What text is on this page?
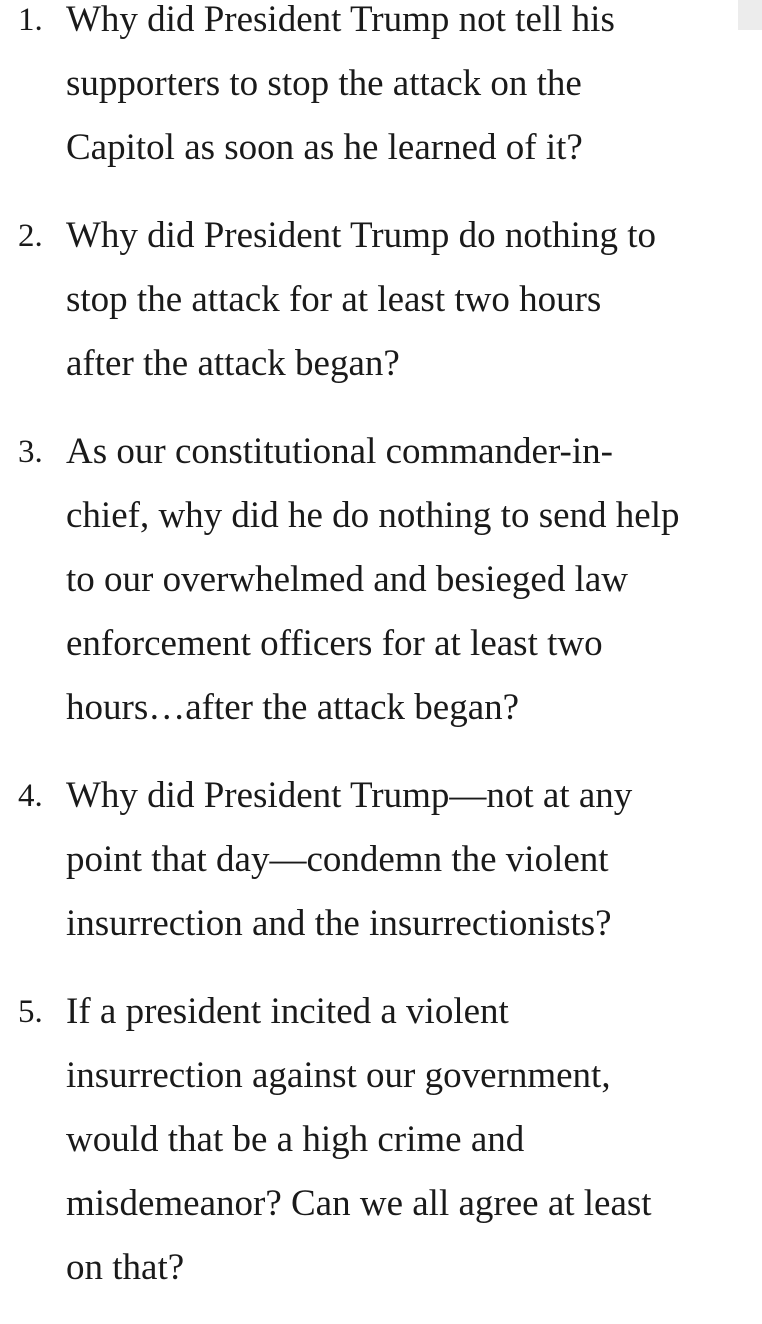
1. Why did President Trump not tell his
supporters to stop the attack on the
Capitol as soon as he learned of it?
2. Why did President Trump do nothing to
stop the attack for at least two hours
after the attack began?
3. As our constitutional commander-in-
chief, why did he do nothing to send help
to our overwhelmed and besieged law
enforcement officers for at least two
hours…after the attack began?
4. Why did President Trump—not at any
point that day—condemn the violent
insurrection and the insurrectionists?
5. If a president incited a violent
insurrection against our government,
would that be a high crime and
misdemeanor? Can we all agree at least
on that?
